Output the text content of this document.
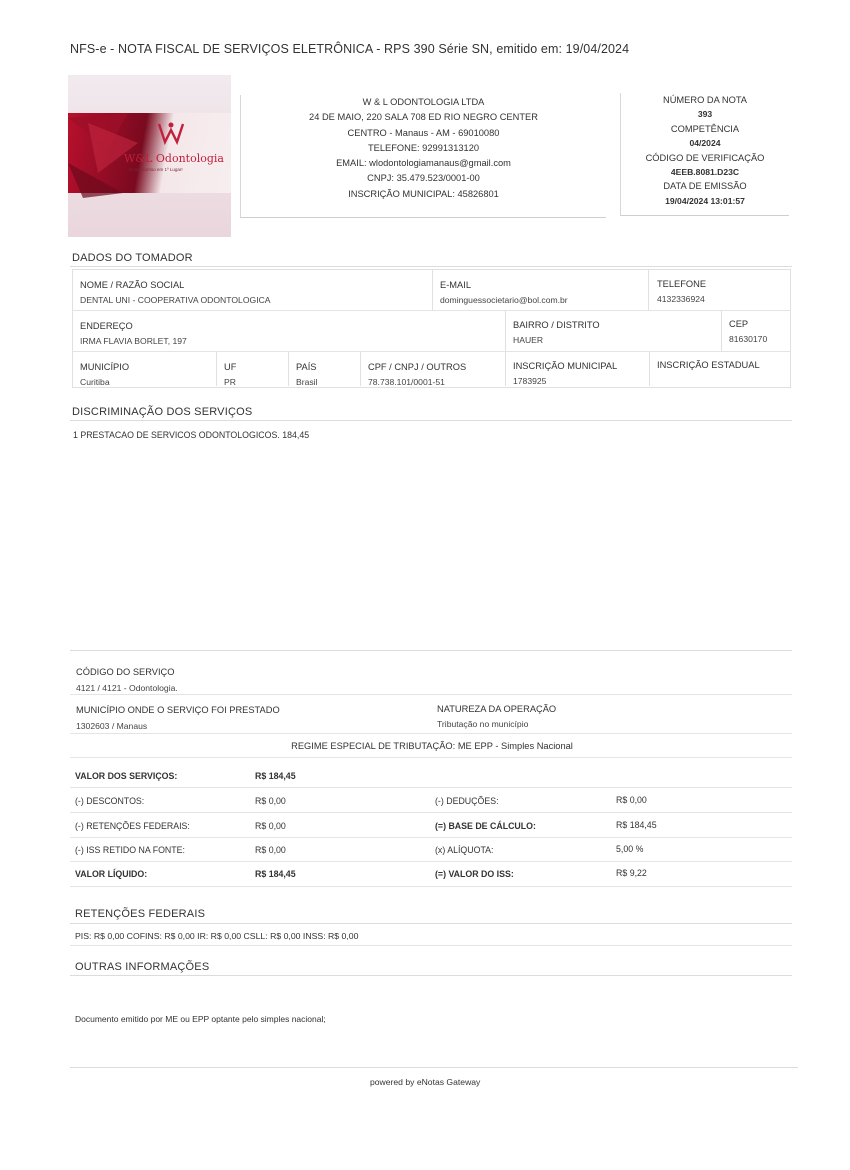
NFS-e - NOTA FISCAL DE SERVIÇOS ELETRÔNICA - RPS 390 Série SN, emitido em: 19/04/2024
W&L Odontologia
O seu sorriso em 1º Lugar!
W & L ODONTOLOGIA LTDA
24 DE MAIO, 220 SALA 708 ED RIO NEGRO CENTER
CENTRO - Manaus - AM - 69010080
TELEFONE: 92991313120
EMAIL: wlodontologiamanaus@gmail.com
CNPJ: 35.479.523/0001-00
INSCRIÇÃO MUNICIPAL: 45826801
NÚMERO DA NOTA
393
COMPETÊNCIA
04/2024
CÓDIGO DE VERIFICAÇÃO
4EEB.8081.D23C
DATA DE EMISSÃO
19/04/2024 13:01:57
DADOS DO TOMADOR
NOME / RAZÃO SOCIAL
DENTAL UNI - COOPERATIVA ODONTOLOGICA
E-MAIL
dominguessocietario@bol.com.br
TELEFONE
4132336924
ENDEREÇO
IRMA FLAVIA BORLET, 197
BAIRRO / DISTRITO
HAUER
CEP
81630170
MUNICÍPIO
Curitiba
UF
PR
PAÍS
Brasil
CPF / CNPJ / OUTROS
78.738.101/0001-51
INSCRIÇÃO MUNICIPAL
1783925
INSCRIÇÃO ESTADUAL
DISCRIMINAÇÃO DOS SERVIÇOS
1 PRESTACAO DE SERVICOS ODONTOLOGICOS. 184,45
CÓDIGO DO SERVIÇO
4121 / 4121 - Odontologia.
MUNICÍPIO ONDE O SERVIÇO FOI PRESTADO
1302603 / Manaus
NATUREZA DA OPERAÇÃO
Tributação no município
REGIME ESPECIAL DE TRIBUTAÇÃO: ME EPP - Simples Nacional
VALOR DOS SERVIÇOS:	R$ 184,45
(-) DESCONTOS:	R$ 0,00	(-) DEDUÇÕES:	R$ 0,00
(-) RETENÇÕES FEDERAIS:	R$ 0,00	(=) BASE DE CÁLCULO:	R$ 184,45
(-) ISS RETIDO NA FONTE:	R$ 0,00	(x) ALÍQUOTA:	5,00 %
VALOR LÍQUIDO:	R$ 184,45	(=) VALOR DO ISS:	R$ 9,22
RETENÇÕES FEDERAIS
PIS: R$ 0,00 COFINS: R$ 0,00 IR: R$ 0,00 CSLL: R$ 0,00 INSS: R$ 0,00
OUTRAS INFORMAÇÕES
Documento emitido por ME ou EPP optante pelo simples nacional;
powered by eNotas Gateway
